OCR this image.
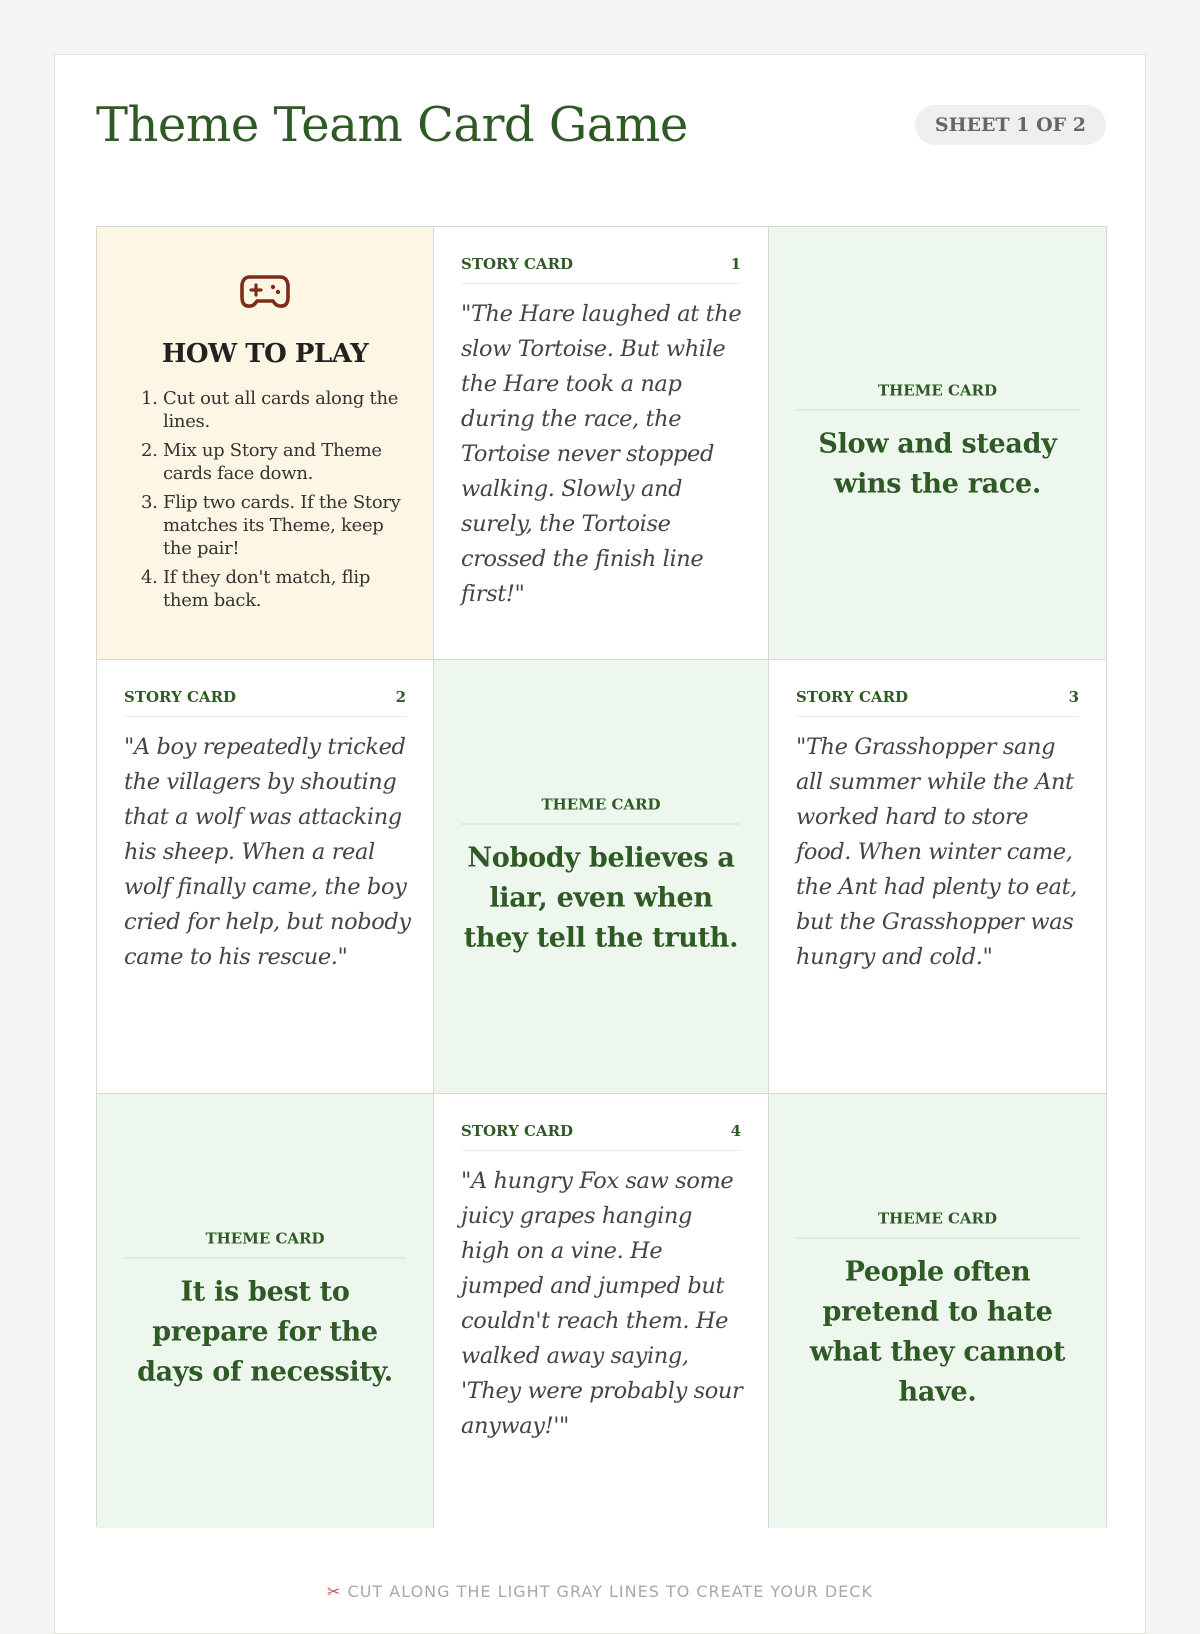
Theme Team Card Game	SHEET 1 OF 2
HOW TO PLAY
1. Cut out all cards along the lines.
2. Mix up Story and Theme cards face down.
3. Flip two cards. If the Story matches its Theme, keep the pair!
4. If they don't match, flip them back.
STORY CARD	1

"The Hare laughed at the slow Tortoise. But while the Hare took a nap during the race, the Tortoise never stopped walking. Slowly and surely, the Tortoise crossed the finish line first!"

THEME CARD
Slow and steady wins the race.
STORY CARD	2

"A boy repeatedly tricked the villagers by shouting that a wolf was attacking his sheep. When a real wolf finally came, the boy cried for help, but nobody came to his rescue."

THEME CARD
Nobody believes a liar, even when they tell the truth.
STORY CARD	3

"The Grasshopper sang all summer while the Ant worked hard to store food. When winter came, the Ant had plenty to eat, but the Grasshopper was hungry and cold."

THEME CARD
It is best to prepare for the days of necessity.
STORY CARD	4

"A hungry Fox saw some juicy grapes hanging high on a vine. He jumped and jumped but couldn't reach them. He walked away saying, 'They were probably sour anyway!'"

THEME CARD
People often pretend to hate what they cannot have.
✂ CUT ALONG THE LIGHT GRAY LINES TO CREATE YOUR DECK
